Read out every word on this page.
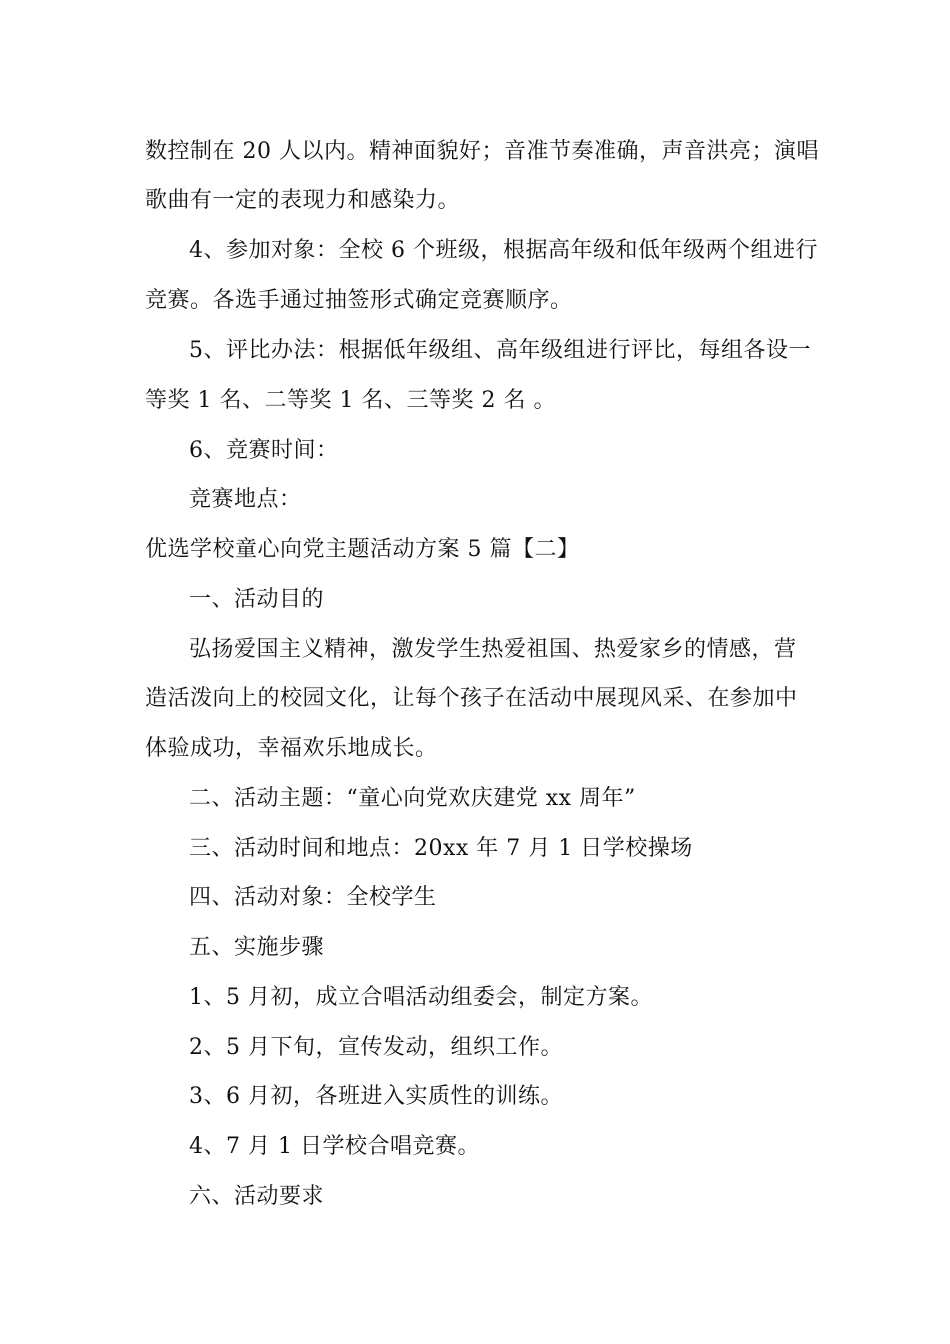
数控制在 20 人以内。精神面貌好；音准节奏准确，声音洪亮；演唱
歌曲有一定的表现力和感染力。
4、参加对象：全校 6 个班级，根据高年级和低年级两个组进行
竞赛。各选手通过抽签形式确定竞赛顺序。
5、评比办法：根据低年级组、高年级组进行评比，每组各设一
等奖 1 名、二等奖 1 名、三等奖 2 名 。
6、竞赛时间：
竞赛地点：
优选学校童心向党主题活动方案 5 篇【二】
一、活动目的
弘扬爱国主义精神，激发学生热爱祖国、热爱家乡的情感，营
造活泼向上的校园文化，让每个孩子在活动中展现风采、在参加中
体验成功，幸福欢乐地成长。
二、活动主题：“童心向党欢庆建党 xx 周年”
三、活动时间和地点：20xx 年 7 月 1 日学校操场
四、活动对象：全校学生
五、实施步骤
1、5 月初，成立合唱活动组委会，制定方案。
2、5 月下旬，宣传发动，组织工作。
3、6 月初，各班进入实质性的训练。
4、7 月 1 日学校合唱竞赛。
六、活动要求
